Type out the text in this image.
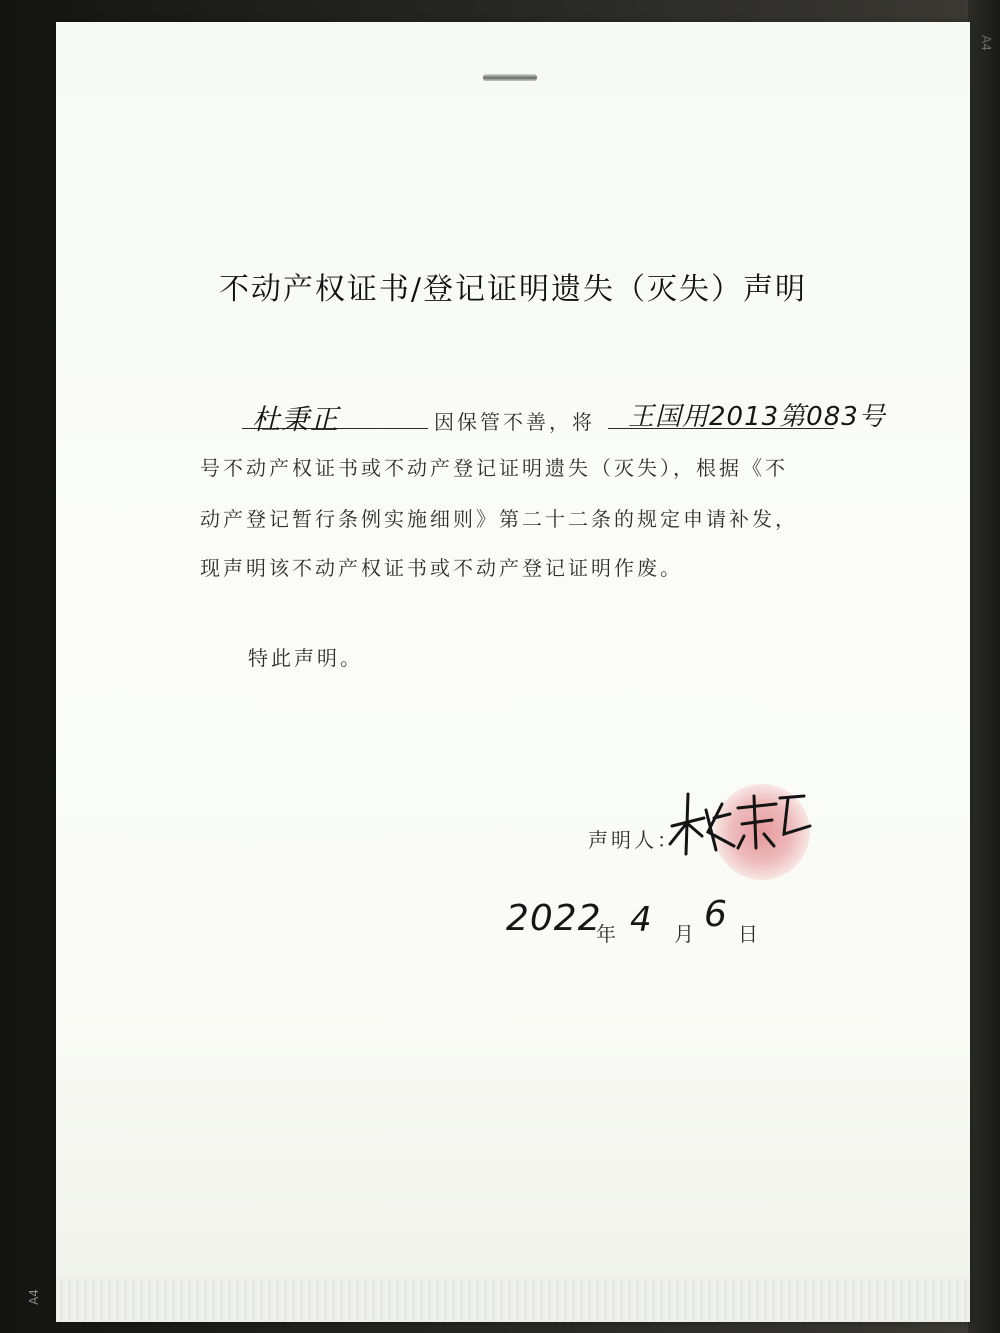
A4
A4
不动产权证书/登记证明遗失（灭失）声明
杜秉正	因保管不善，将 王国用2013第083号
号不动产权证书或不动产登记证明遗失（灭失），根据《不
动产登记暂行条例实施细则》第二十二条的规定申请补发，
现声明该不动产权证书或不动产登记证明作废。
特此声明。
声明人：
2022
年 4 月 6 日
